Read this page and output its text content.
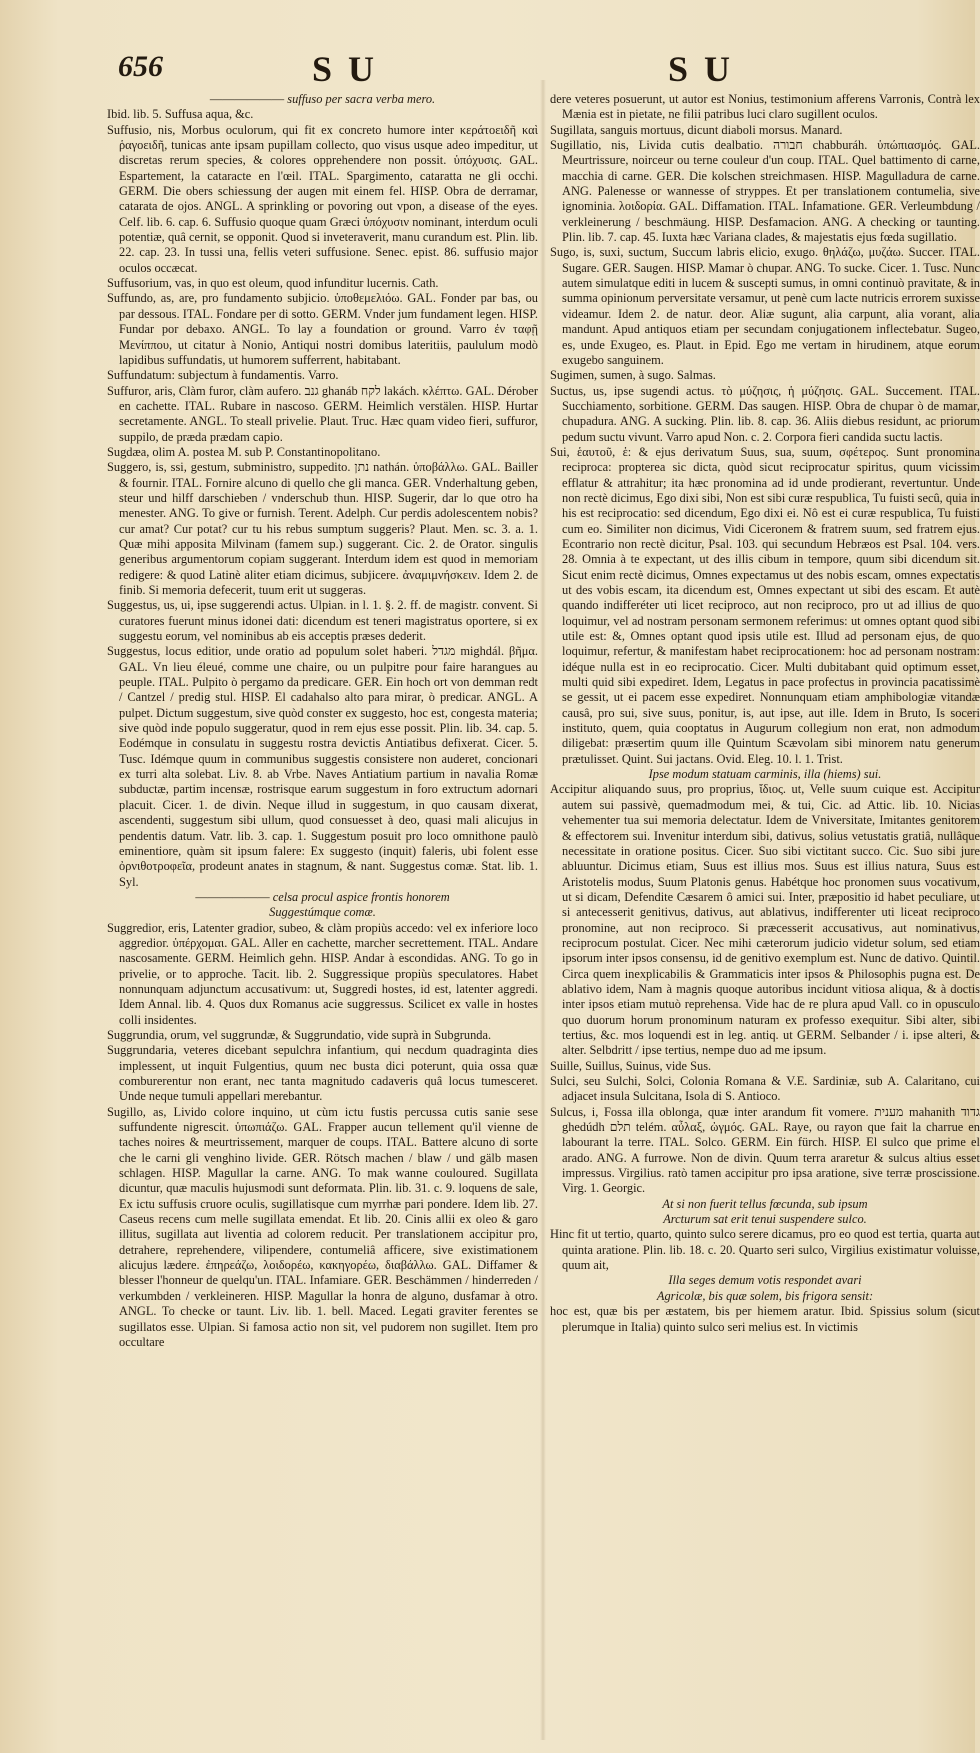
656	SU	SU

—————— suffuso per sacra verba mero.

Ibid. lib. 5. Suffusa aqua, &c.

Suffusio, nis, Morbus oculorum, qui fit ex concreto humore inter κεράτοειδῆ καὶ ῥαγοειδῆ, tunicas ante ipsam pupillam collecto, quo visus usque adeo impeditur, ut discretas rerum species, & colores opprehendere non possit. ὑπόχυσις. GAL. Espartement, la cataracte en l'œil. ITAL. Spargimento, cataratta ne gli occhi. GERM. Die obers schiessung der augen mit einem fel. HISP. Obra de derramar, catarata de ojos. ANGL. A sprinkling or povoring out vpon, a disease of the eyes. Celf. lib. 6. cap. 6. Suffusio quoque quam Græci ὑπόχυσιν nominant, interdum oculi potentiæ, quâ cernit, se opponit. Quod si inveteraverit, manu curandum est. Plin. lib. 22. cap. 23. In tussi una, fellis veteri suffusione. Senec. epist. 86. suffusio major oculos occæcat.

Suffusorium, vas, in quo est oleum, quod infunditur lucernis. Cath.

Suffundo, as, are, pro fundamento subjicio. ὑποθεμελιόω. GAL. Fonder par bas, ou par dessous. ITAL. Fondare per di sotto. GERM. Vnder jum fundament legen. HISP. Fundar por debaxo. ANGL. To lay a foundation or ground. Varro ἐν ταφῇ Μενίππου, ut citatur à Nonio, Antiqui nostri domibus lateritiis, paululum modò lapidibus suffundatis, ut humorem sufferrent, habitabant.

Suffundatum: subjectum à fundamentis. Varro.

Suffuror, aris, Clàm furor, clàm aufero. גנב ghanáb לקח lakách. κλέπτω. GAL. Dérober en cachette. ITAL. Rubare in nascoso. GERM. Heimlich verstälen. HISP. Hurtar secretamente. ANGL. To steall privelie. Plaut. Truc. Hæc quam video fieri, suffuror, suppilo, de præda prædam capio.

Sugdæa, olim A. postea M. sub P. Constantinopolitano.

Suggero, is, ssi, gestum, subministro, suppedito. נתן nathán. ὑποβάλλω. GAL. Bailler & fournir. ITAL. Fornire alcuno di quello che gli manca. GER. Vnderhaltung geben, steur und hilff darschieben / vnderschub thun. HISP. Sugerir, dar lo que otro ha menester. ANG. To give or furnish. Terent. Adelph. Cur perdis adolescentem nobis? cur amat? Cur potat? cur tu his rebus sumptum suggeris? Plaut. Men. sc. 3. a. 1. Quæ mihi apposita Milvinam (famem sup.) suggerant. Cic. 2. de Orator. singulis generibus argumentorum copiam suggerant. Interdum idem est quod in memoriam redigere: & quod Latinè aliter etiam dicimus, subjicere. ἀναμιμνήσκειν. Idem 2. de finib. Si memoria defecerit, tuum erit ut suggeras.

Suggestus, us, ui, ipse suggerendi actus. Ulpian. in l. 1. §. 2. ff. de magistr. convent. Si curatores fuerunt minus idonei dati: dicendum est teneri magistratus oportere, si ex suggestu eorum, vel nominibus ab eis acceptis præses dederit.

Suggestus, locus editior, unde oratio ad populum solet haberi. מגדל mighdál. βῆμα. GAL. Vn lieu éleué, comme une chaire, ou un pulpitre pour faire harangues au peuple. ITAL. Pulpito ò pergamo da predicare. GER. Ein hoch ort von demman redt / Cantzel / predig stul. HISP. El cadahalso alto para mirar, ò predicar. ANGL. A pulpet. Dictum suggestum, sive quòd conster ex suggesto, hoc est, congesta materia; sive quòd inde populo suggeratur, quod in rem ejus esse possit. Plin. lib. 34. cap. 5. Eodémque in consulatu in suggestu rostra devictis Antiatibus defixerat. Cicer. 5. Tusc. Idémque quum in communibus suggestis consistere non auderet, concionari ex turri alta solebat. Liv. 8. ab Vrbe. Naves Antiatium partium in navalia Romæ subductæ, partim incensæ, rostrisque earum suggestum in foro extructum adornari placuit. Cicer. 1. de divin. Neque illud in suggestum, in quo causam dixerat, ascendenti, suggestum sibi ullum, quod consuesset à deo, quasi mali alicujus in pendentis datum. Vatr. lib. 3. cap. 1. Suggestum posuit pro loco omnithone paulò eminentiore, quàm sit ipsum falere: Ex suggesto (inquit) faleris, ubi folent esse ὀρνιθοτροφεῖα, prodeunt anates in stagnum, & nant. Suggestus comæ. Stat. lib. 1. Syl.

—————— celsa procul aspice frontis honorem

Suggestúmque comæ.

Suggredior, eris, Latenter gradior, subeo, & clàm propiùs accedo: vel ex inferiore loco aggredior. ὑπέρχομαι. GAL. Aller en cachette, marcher secrettement. ITAL. Andare nascosamente. GERM. Heimlich gehn. HISP. Andar à escondidas. ANG. To go in privelie, or to approche. Tacit. lib. 2. Suggressique propiùs speculatores. Habet nonnunquam adjunctum accusativum: ut, Suggredi hostes, id est, latenter aggredi. Idem Annal. lib. 4. Quos dux Romanus acie suggressus. Scilicet ex valle in hostes colli insidentes.

Suggrundia, orum, vel suggrundæ, & Suggrundatio, vide suprà in Subgrunda.

Suggrundaria, veteres dicebant sepulchra infantium, qui necdum quadraginta dies implessent, ut inquit Fulgentius, quum nec busta dici poterunt, quia ossa quæ comburerentur non erant, nec tanta magnitudo cadaveris quâ locus tumesceret. Unde neque tumuli appellari merebantur.

Sugillo, as, Livido colore inquino, ut cùm ictu fustis percussa cutis sanie sese suffundente nigrescit. ὑπωπιάζω. GAL. Frapper aucun tellement qu'il vienne de taches noires & meurtrissement, marquer de coups. ITAL. Battere alcuno di sorte che le carni gli venghino livide. GER. Rötsch machen / blaw / und gälb masen schlagen. HISP. Magullar la carne. ANG. To mak wanne couloured. Sugillata dicuntur, quæ maculis hujusmodi sunt deformata. Plin. lib. 31. c. 9. loquens de sale, Ex ictu suffusis cruore oculis, sugillatisque cum myrrhæ pari pondere. Idem lib. 27. Caseus recens cum melle sugillata emendat. Et lib. 20. Cinis allii ex oleo & garo illitus, sugillata aut liventia ad colorem reducit. Per translationem accipitur pro, detrahere, reprehendere, vilipendere, contumeliâ afficere, sive existimationem alicujus lædere. ἐπηρεάζω, λοιδορέω, κακηγορέω, διαβάλλω. GAL. Diffamer & blesser l'honneur de quelqu'un. ITAL. Infamiare. GER. Beschämmen / hinderreden / verkumbden / verkleineren. HISP. Magullar la honra de alguno, dusfamar à otro. ANGL. To checke or taunt. Liv. lib. 1. bell. Maced. Legati graviter ferentes se sugillatos esse. Ulpian. Si famosa actio non sit, vel pudorem non sugillet. Item pro occultare

dere veteres posuerunt, ut autor est Nonius, testimonium afferens Varronis, Contrà lex Mænia est in pietate, ne filii patribus luci claro sugillent oculos.

Sugillata, sanguis mortuus, dicunt diaboli morsus. Manard.

Sugillatio, nis, Livida cutis dealbatio. חבורה chabburáh. ὑπώπιασμός. GAL. Meurtrissure, noirceur ou terne couleur d'un coup. ITAL. Quel battimento di carne, macchia di carne. GER. Die kolschen streichmasen. HISP. Magulladura de carne. ANG. Palenesse or wannesse of stryppes. Et per translationem contumelia, sive ignominia. λοιδορία. GAL. Diffamation. ITAL. Infamatione. GER. Verleumbdung / verkleinerung / beschmäung. HISP. Desfamacion. ANG. A checking or taunting. Plin. lib. 7. cap. 45. Iuxta hæc Variana clades, & majestatis ejus fœda sugillatio.

Sugo, is, suxi, suctum, Succum labris elicio, exugo. θηλάζω, μυζάω. Succer. ITAL. Sugare. GER. Saugen. HISP. Mamar ò chupar. ANG. To sucke. Cicer. 1. Tusc. Nunc autem simulatque editi in lucem & suscepti sumus, in omni continuò pravitate, & in summa opinionum perversitate versamur, ut penè cum lacte nutricis errorem suxisse videamur. Idem 2. de natur. deor. Aliæ sugunt, alia carpunt, alia vorant, alia mandunt. Apud antiquos etiam per secundam conjugationem inflectebatur. Sugeo, es, unde Exugeo, es. Plaut. in Epid. Ego me vertam in hirudinem, atque eorum exugebo sanguinem.

Sugimen, sumen, à sugo. Salmas.

Suctus, us, ipse sugendi actus. τὸ μύζησις, ἡ μύζησις. GAL. Succement. ITAL. Succhiamento, sorbitione. GERM. Das saugen. HISP. Obra de chupar ò de mamar, chupadura. ANG. A sucking. Plin. lib. 8. cap. 36. Aliis diebus residunt, ac priorum pedum suctu vivunt. Varro apud Non. c. 2. Corpora fieri candida suctu lactis.

Sui, ἑαυτοῦ, ἑ: & ejus derivatum Suus, sua, suum, σφέτερος. Sunt pronomina reciproca: propterea sic dicta, quòd sicut reciprocatur spiritus, quum vicissim efflatur & attrahitur; ita hæc pronomina ad id unde prodierant, revertuntur. Unde non rectè dicimus, Ego dixi sibi, Non est sibi curæ respublica, Tu fuisti secû, quia in his est reciprocatio: sed dicendum, Ego dixi ei. Nô est ei curæ respublica, Tu fuisti cum eo. Similiter non dicimus, Vidi Ciceronem & fratrem suum, sed fratrem ejus. Econtrario non rectè dicitur, Psal. 103. qui secundum Hebræos est Psal. 104. vers. 28. Omnia à te expectant, ut des illis cibum in tempore, quum sibi dicendum sit. Sicut enim rectè dicimus, Omnes expectamus ut des nobis escam, omnes expectatis ut des vobis escam, ita dicendum est, Omnes expectant ut sibi des escam. Et autè quando indifferéter uti licet reciproco, aut non reciproco, pro ut ad illius de quo loquimur, vel ad nostram personam sermonem referimus: ut omnes optant quod sibi utile est: &, Omnes optant quod ipsis utile est. Illud ad personam ejus, de quo loquimur, refertur, & manifestam habet reciprocationem: hoc ad personam nostram: idéque nulla est in eo reciprocatio. Cicer. Multi dubitabant quid optimum esset, multi quid sibi expediret. Idem, Legatus in pace profectus in provincia pacatissimè se gessit, ut ei pacem esse expediret. Nonnunquam etiam amphibologiæ vitandæ causâ, pro sui, sive suus, ponitur, is, aut ipse, aut ille. Idem in Bruto, Is soceri instituto, quem, quia cooptatus in Augurum collegium non erat, non admodum diligebat: præsertim quum ille Quintum Scævolam sibi minorem natu generum prætulisset. Quint. Sui jactans. Ovid. Eleg. 10. l. 1. Trist.

Ipse modum statuam carminis, illa (hiems) sui.

Accipitur aliquando suus, pro proprius, ἴδιος. ut, Velle suum cuique est. Accipitur autem sui passivè, quemadmodum mei, & tui, Cic. ad Attic. lib. 10. Nicias vehementer tua sui memoria delectatur. Idem de Vniversitate, Imitantes genitorem & effectorem sui. Invenitur interdum sibi, dativus, solius vetustatis gratiâ, nullâque necessitate in oratione positus. Cicer. Suo sibi victitant succo. Cic. Suo sibi jure abluuntur. Dicimus etiam, Suus est illius mos. Suus est illius natura, Suus est Aristotelis modus, Suum Platonis genus. Habétque hoc pronomen suus vocativum, ut si dicam, Defendite Cæsarem ô amici sui. Inter, præpositio id habet peculiare, ut si antecesserit genitivus, dativus, aut ablativus, indifferenter uti liceat reciproco pronomine, aut non reciproco. Si præcesserit accusativus, aut nominativus, reciprocum postulat. Cicer. Nec mihi cæterorum judicio videtur solum, sed etiam ipsorum inter ipsos consensu, id de genitivo exemplum est. Nunc de dativo. Quintil. Circa quem inexplicabilis & Grammaticis inter ipsos & Philosophis pugna est. De ablativo idem, Nam à magnis quoque autoribus incidunt vitiosa aliqua, & à doctis inter ipsos etiam mutuò reprehensa. Vide hac de re plura apud Vall. co in opusculo quo duorum horum pronominum naturam ex professo exequitur. Sibi alter, sibi tertius, &c. mos loquendi est in leg. antiq. ut GERM. Selbander / i. ipse alteri, & alter. Selbdritt / ipse tertius, nempe duo ad me ipsum.

Suille, Suillus, Suinus, vide Sus.

Sulci, seu Sulchi, Solci, Colonia Romana & V.E. Sardiniæ, sub A. Calaritano, cui adjacet insula Sulcitana, Isola di S. Antioco.

Sulcus, i, Fossa illa oblonga, quæ inter arandum fit vomere. מענית mahanith גדוד ghedúdh תלם telém. αὖλαξ, ὠγμός. GAL. Raye, ou rayon que fait la charrue en labourant la terre. ITAL. Solco. GERM. Ein fürch. HISP. El sulco que prime el arado. ANG. A furrowe. Non de divin. Quum terra araretur & sulcus altius esset impressus. Virgilius. ratò tamen accipitur pro ipsa aratione, sive terræ proscissione. Virg. 1. Georgic.

At si non fuerit tellus fœcunda, sub ipsum

Arcturum sat erit tenui suspendere sulco.

Hinc fit ut tertio, quarto, quinto sulco serere dicamus, pro eo quod est tertia, quarta aut quinta aratione. Plin. lib. 18. c. 20. Quarto seri sulco, Virgilius existimatur voluisse, quum ait,

Illa seges demum votis respondet avari

Agricolæ, bis quæ solem, bis frigora sensit:

hoc est, quæ bis per æstatem, bis per hiemem aratur. Ibid. Spissius solum (sicut plerumque in Italia) quinto sulco seri melius est. In victimis
